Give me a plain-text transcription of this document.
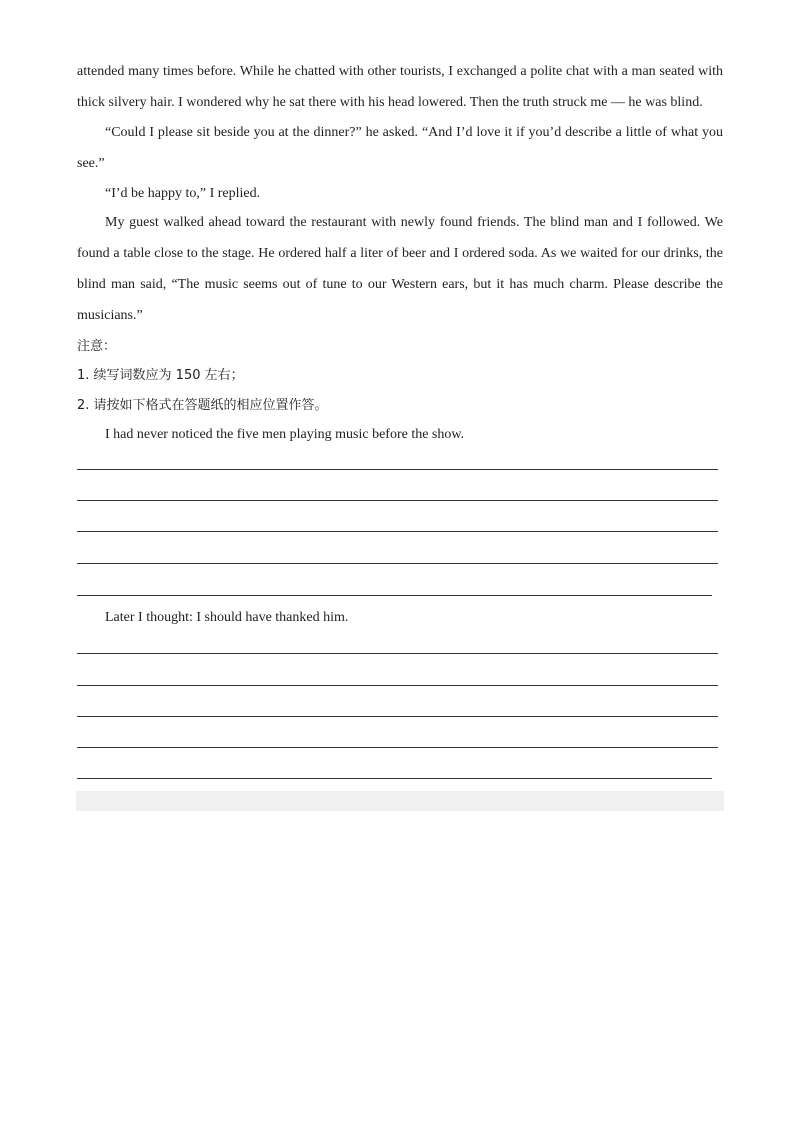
attended many times before. While he chatted with other tourists, I exchanged a polite chat with a man seated with

thick silvery hair. I wondered why he sat there with his head lowered. Then the truth struck me — he was blind.

“Could I please sit beside you at the dinner?” he asked. “And I’d love it if you’d describe a little of what you

see.”

“I’d be happy to,” I replied.

My guest walked ahead toward the restaurant with newly found friends. The blind man and I followed. We

found a table close to the stage. He ordered half a liter of beer and I ordered soda. As we waited for our drinks, the

blind man said, “The music seems out of tune to our Western ears, but it has much charm. Please describe the

musicians.”

注意：
1. 续写词数应为 150 左右；
2. 请按如下格式在答题纸的相应位置作答。
I had never noticed the five men playing music before the show.
Later I thought: I should have thanked him.
